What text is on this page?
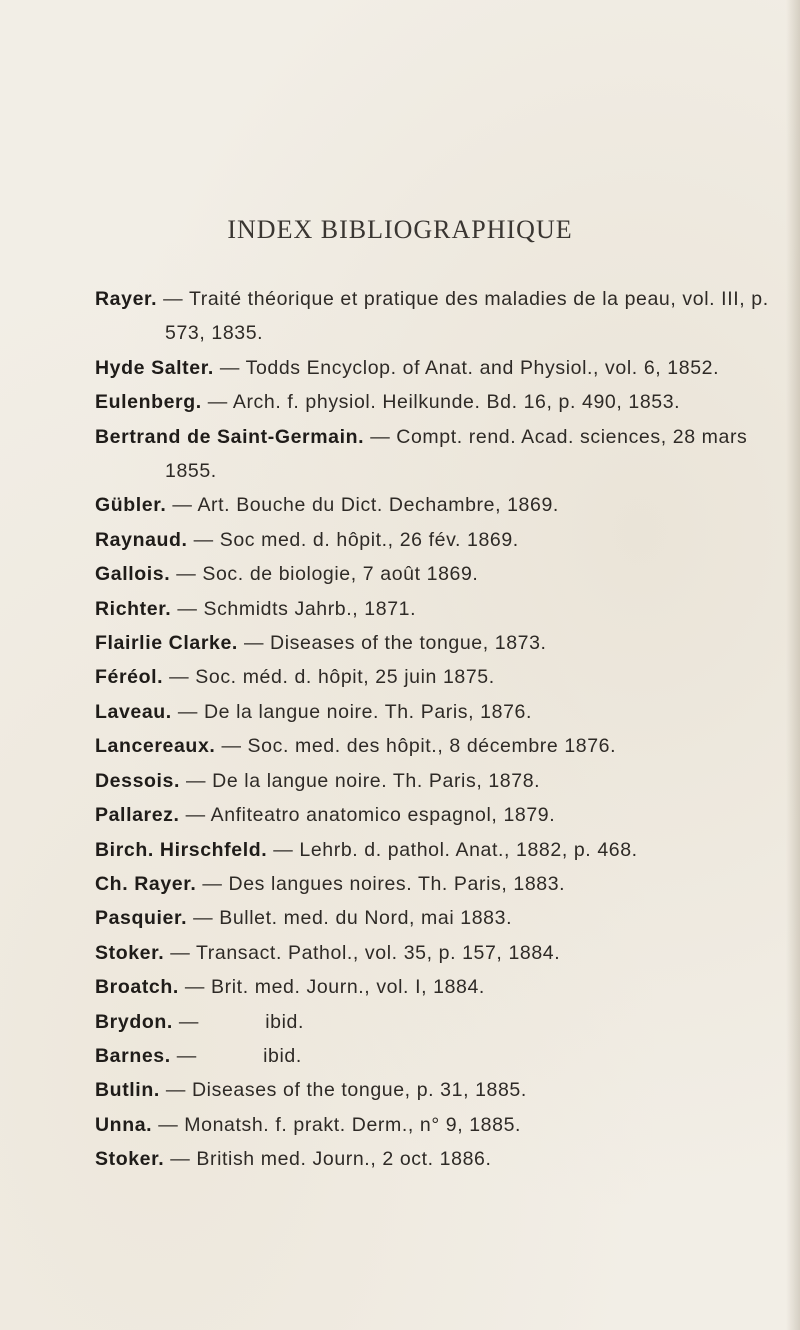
INDEX BIBLIOGRAPHIQUE
Rayer. — Traité théorique et pratique des maladies de la peau, vol. III, p. 573, 1835.
Hyde Salter. — Todds Encyclop. of Anat. and Physiol., vol. 6, 1852.
Eulenberg. — Arch. f. physiol. Heilkunde. Bd. 16, p. 490, 1853.
Bertrand de Saint-Germain. — Compt. rend. Acad. sciences, 28 mars 1855.
Gübler. — Art. Bouche du Dict. Dechambre, 1869.
Raynaud. — Soc med. d. hôpit., 26 fév. 1869.
Gallois. — Soc. de biologie, 7 août 1869.
Richter. — Schmidts Jahrb., 1871.
Flairlie Clarke. — Diseases of the tongue, 1873.
Féréol. — Soc. méd. d. hôpit, 25 juin 1875.
Laveau. — De la langue noire. Th. Paris, 1876.
Lancereaux. — Soc. med. des hôpit., 8 décembre 1876.
Dessois. — De la langue noire. Th. Paris, 1878.
Pallarez. — Anfiteatro anatomico espagnol, 1879.
Birch. Hirschfeld. — Lehrb. d. pathol. Anat., 1882, p. 468.
Ch. Rayer. — Des langues noires. Th. Paris, 1883.
Pasquier. — Bullet. med. du Nord, mai 1883.
Stoker. — Transact. Pathol., vol. 35, p. 157, 1884.
Broatch. — Brit. med. Journ., vol. I, 1884.
Brydon. —           ibid.
Barnes. —           ibid.
Butlin. — Diseases of the tongue, p. 31, 1885.
Unna. — Monatsh. f. prakt. Derm., n° 9, 1885.
Stoker. — British med. Journ., 2 oct. 1886.
